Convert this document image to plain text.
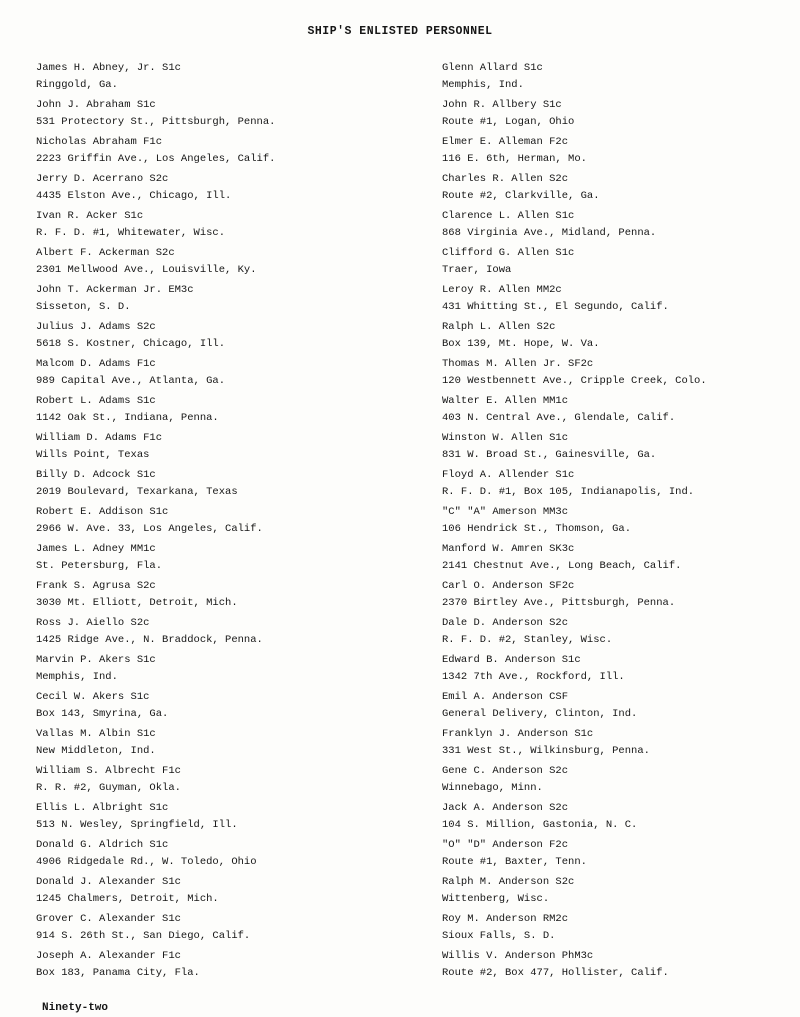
SHIP'S ENLISTED PERSONNEL
James H. Abney, Jr. S1c
Ringgold, Ga.
John J. Abraham S1c
531 Protectory St., Pittsburgh, Penna.
Nicholas Abraham F1c
2223 Griffin Ave., Los Angeles, Calif.
Jerry D. Acerrano S2c
4435 Elston Ave., Chicago, Ill.
Ivan R. Acker S1c
R. F. D. #1, Whitewater, Wisc.
Albert F. Ackerman S2c
2301 Mellwood Ave., Louisville, Ky.
John T. Ackerman Jr. EM3c
Sisseton, S. D.
Julius J. Adams S2c
5618 S. Kostner, Chicago, Ill.
Malcom D. Adams F1c
989 Capital Ave., Atlanta, Ga.
Robert L. Adams S1c
1142 Oak St., Indiana, Penna.
William D. Adams F1c
Wills Point, Texas
Billy D. Adcock S1c
2019 Boulevard, Texarkana, Texas
Robert E. Addison S1c
2966 W. Ave. 33, Los Angeles, Calif.
James L. Adney MM1c
St. Petersburg, Fla.
Frank S. Agrusa S2c
3030 Mt. Elliott, Detroit, Mich.
Ross J. Aiello S2c
1425 Ridge Ave., N. Braddock, Penna.
Marvin P. Akers S1c
Memphis, Ind.
Cecil W. Akers S1c
Box 143, Smyrina, Ga.
Vallas M. Albin S1c
New Middleton, Ind.
William S. Albrecht F1c
R. R. #2, Guyman, Okla.
Ellis L. Albright S1c
513 N. Wesley, Springfield, Ill.
Donald G. Aldrich S1c
4906 Ridgedale Rd., W. Toledo, Ohio
Donald J. Alexander S1c
1245 Chalmers, Detroit, Mich.
Grover C. Alexander S1c
914 S. 26th St., San Diego, Calif.
Joseph A. Alexander F1c
Box 183, Panama City, Fla.
Glenn Allard S1c
Memphis, Ind.
John R. Allbery S1c
Route #1, Logan, Ohio
Elmer E. Alleman F2c
116 E. 6th, Herman, Mo.
Charles R. Allen S2c
Route #2, Clarkville, Ga.
Clarence L. Allen S1c
868 Virginia Ave., Midland, Penna.
Clifford G. Allen S1c
Traer, Iowa
Leroy R. Allen MM2c
431 Whitting St., El Segundo, Calif.
Ralph L. Allen S2c
Box 139, Mt. Hope, W. Va.
Thomas M. Allen Jr. SF2c
120 Westbennett Ave., Cripple Creek, Colo.
Walter E. Allen MM1c
403 N. Central Ave., Glendale, Calif.
Winston W. Allen S1c
831 W. Broad St., Gainesville, Ga.
Floyd A. Allender S1c
R. F. D. #1, Box 105, Indianapolis, Ind.
"C" "A" Amerson MM3c
106 Hendrick St., Thomson, Ga.
Manford W. Amren SK3c
2141 Chestnut Ave., Long Beach, Calif.
Carl O. Anderson SF2c
2370 Birtley Ave., Pittsburgh, Penna.
Dale D. Anderson S2c
R. F. D. #2, Stanley, Wisc.
Edward B. Anderson S1c
1342 7th Ave., Rockford, Ill.
Emil A. Anderson CSF
General Delivery, Clinton, Ind.
Franklyn J. Anderson S1c
331 West St., Wilkinsburg, Penna.
Gene C. Anderson S2c
Winnebago, Minn.
Jack A. Anderson S2c
104 S. Million, Gastonia, N. C.
"O" "D" Anderson F2c
Route #1, Baxter, Tenn.
Ralph M. Anderson S2c
Wittenberg, Wisc.
Roy M. Anderson RM2c
Sioux Falls, S. D.
Willis V. Anderson PhM3c
Route #2, Box 477, Hollister, Calif.
Ninety-two
